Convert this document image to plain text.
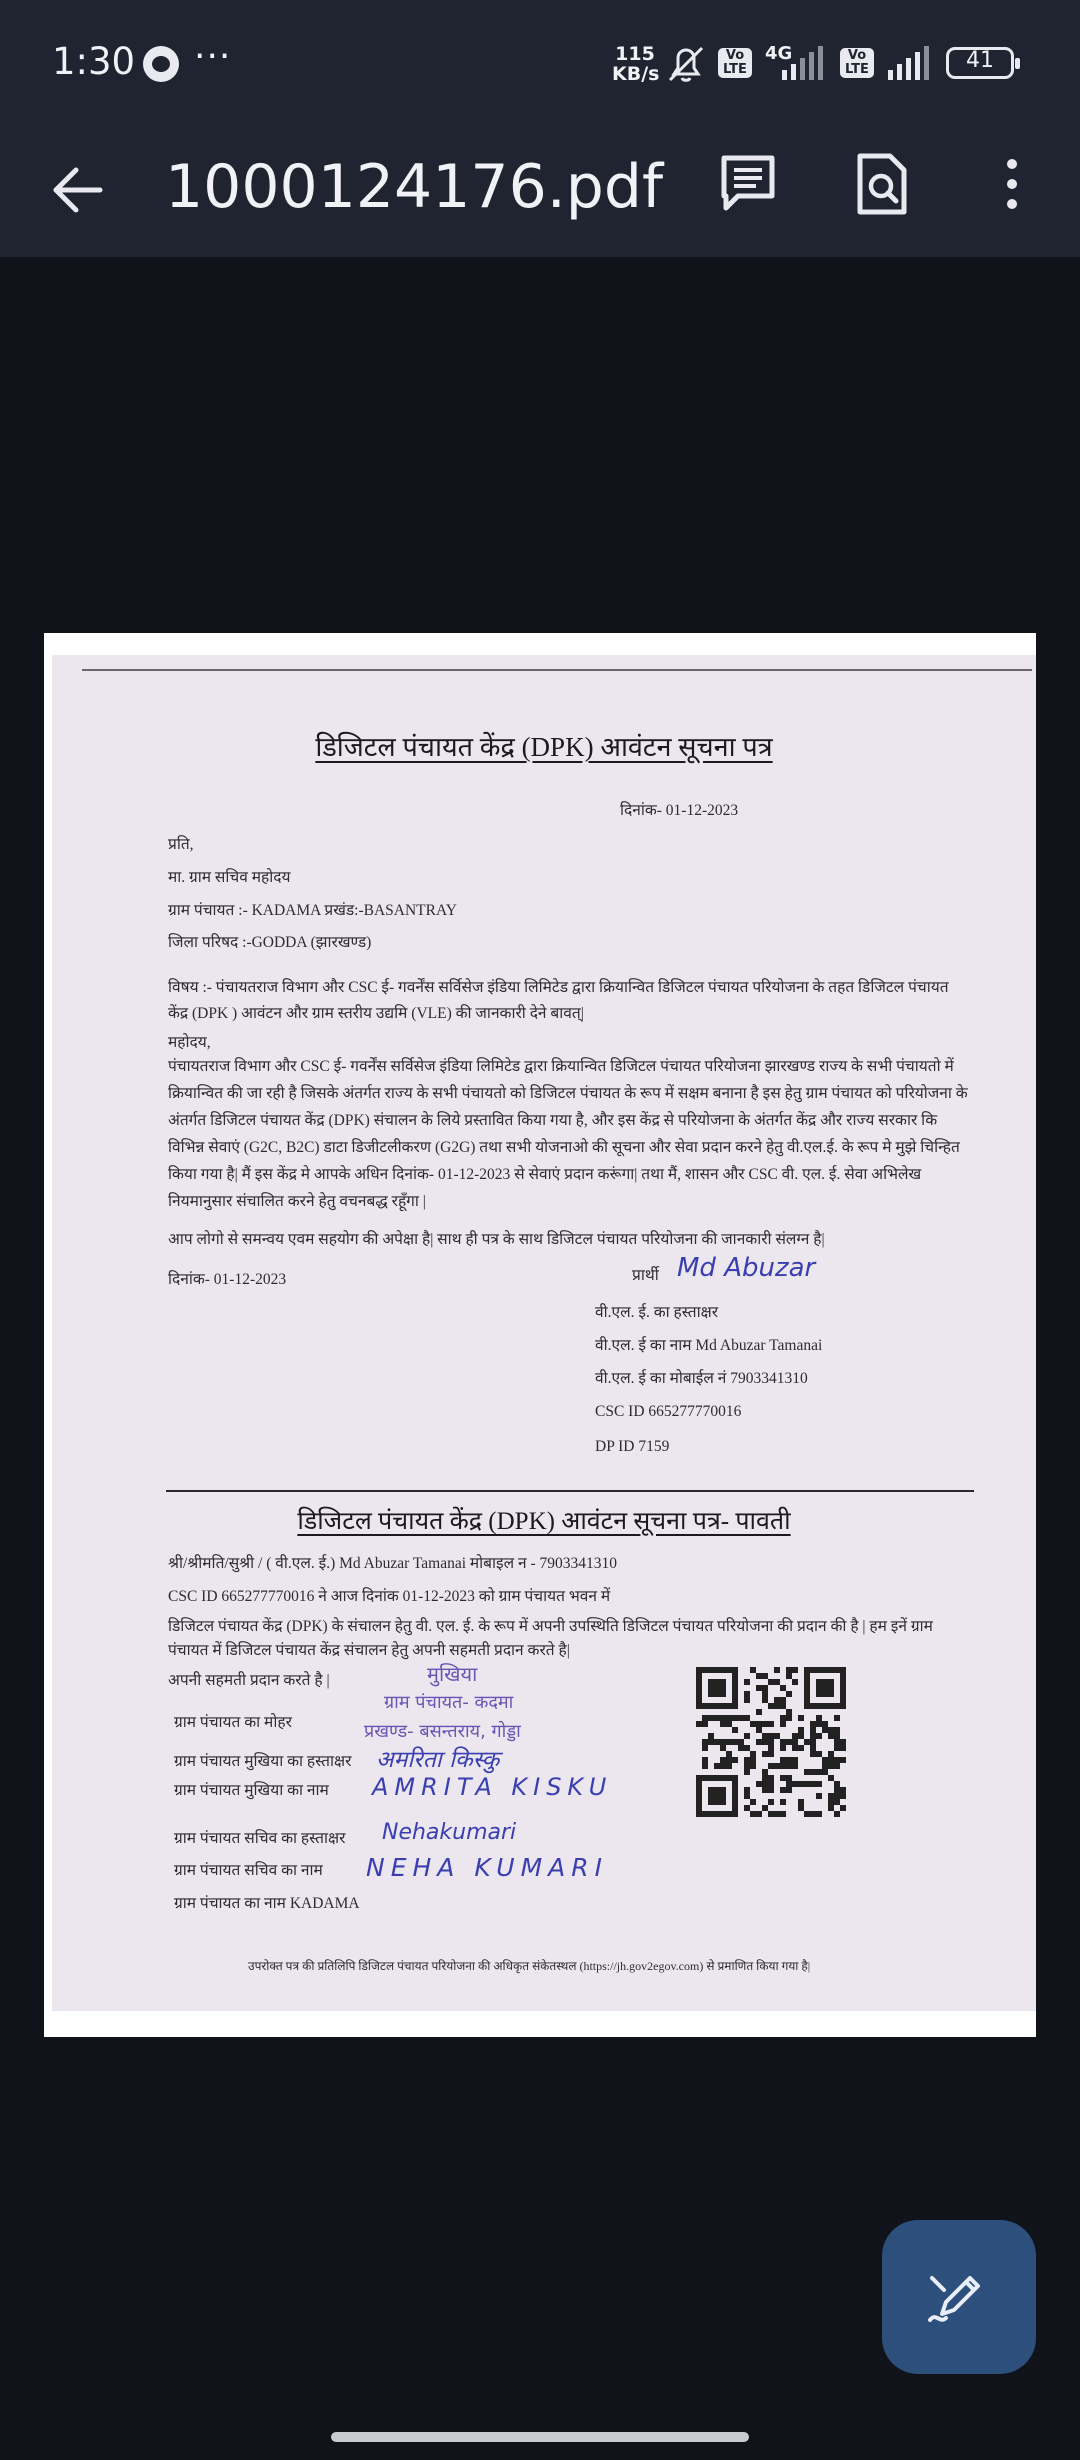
1:30 ···	115
KB/s
Vo LTE
4G	Vo LTE	41
1000124176.pdf
डिजिटल पंचायत केंद्र (DPK) आवंटन सूचना पत्र
दिनांक- 01-12-2023
प्रति,
मा. ग्राम सचिव महोदय
ग्राम पंचायत :- KADAMA प्रखंड:-BASANTRAY
जिला परिषद :-GODDA (झारखण्ड)
विषय :- पंचायतराज विभाग और CSC ई- गवर्नेंस सर्विसेज इंडिया लिमिटेड द्वारा क्रियान्वित डिजिटल पंचायत परियोजना के तहत डिजिटल पंचायत केंद्र (DPK ) आवंटन और ग्राम स्तरीय उद्यमि (VLE) की जानकारी देने बावत्|
महोदय,
पंचायतराज विभाग और CSC ई- गवर्नेंस सर्विसेज इंडिया लिमिटेड द्वारा क्रियान्वित डिजिटल पंचायत परियोजना झारखण्ड राज्य के सभी पंचायतो में क्रियान्वित की जा रही है जिसके अंतर्गत राज्य के सभी पंचायतो को डिजिटल पंचायत के रूप में सक्षम बनाना है इस हेतु ग्राम पंचायत को परियोजना के अंतर्गत डिजिटल पंचायत केंद्र (DPK) संचालन के लिये प्रस्तावित किया गया है, और इस केंद्र से परियोजना के अंतर्गत केंद्र और राज्य सरकार कि विभिन्न सेवाएं (G2C, B2C) डाटा डिजीटलीकरण (G2G) तथा सभी योजनाओ की सूचना और सेवा प्रदान करने हेतु वी.एल.ई. के रूप मे मुझे चिन्हित किया गया है| मैं इस केंद्र मे आपके अधिन दिनांक- 01-12-2023 से सेवाएं प्रदान करूंगा| तथा मैं, शासन और CSC वी. एल. ई. सेवा अभिलेख नियमानुसार संचालित करने हेतु वचनबद्ध रहूँगा |
आप लोगो से समन्वय एवम सहयोग की अपेक्षा है| साथ ही पत्र के साथ डिजिटल पंचायत परियोजना की जानकारी संलग्न है|
दिनांक- 01-12-2023	प्रार्थी Md Abuzar
वी.एल. ई. का हस्ताक्षर
वी.एल. ई का नाम Md Abuzar Tamanai
वी.एल. ई का मोबाईल नं 7903341310
CSC ID 665277770016
DP ID 7159
डिजिटल पंचायत केंद्र (DPK) आवंटन सूचना पत्र- पावती
श्री/श्रीमति/सुश्री / ( वी.एल. ई.) Md Abuzar Tamanai मोबाइल न - 7903341310
CSC ID 665277770016 ने आज दिनांक 01-12-2023 को ग्राम पंचायत भवन में
डिजिटल पंचायत केंद्र (DPK) के संचालन हेतु वी. एल. ई. के रूप में अपनी उपस्थिति डिजिटल पंचायत परियोजना की प्रदान की है | हम इनें ग्राम पंचायत में डिजिटल पंचायत केंद्र संचालन हेतु अपनी सहमती प्रदान करते है|
अपनी सहमती प्रदान करते है |	मुखिया
ग्राम पंचायत- कदमा
प्रखण्ड- बसन्तराय, गोड्डा
ग्राम पंचायत का मोहर
ग्राम पंचायत मुखिया का हस्ताक्षर अमरिता किस्कु
ग्राम पंचायत मुखिया का नाम AMRITA KISKU
ग्राम पंचायत सचिव का हस्ताक्षर Nehakumari
ग्राम पंचायत सचिव का नाम NEHA KUMARI
ग्राम पंचायत का नाम KADAMA
उपरोक्त पत्र की प्रतिलिपि डिजिटल पंचायत परियोजना की अधिकृत संकेतस्थल (https://jh.gov2egov.com) से प्रमाणित किया गया है|
